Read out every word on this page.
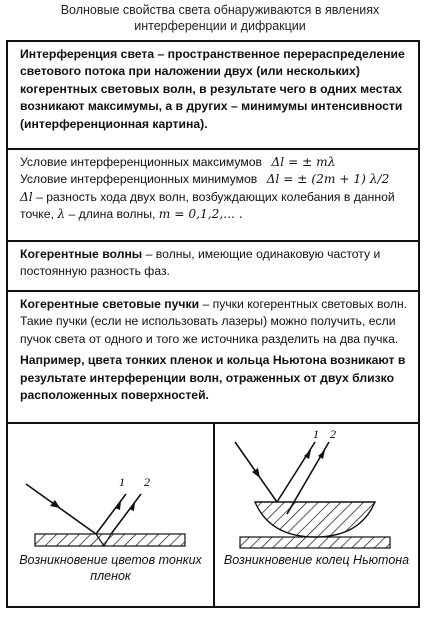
Волновые свойства света обнаруживаются в явлениях интерференции и дифракции
Интерференция света – пространственное перераспределение светового потока при наложении двух (или нескольких) когерентных световых волн, в результате чего в одних местах возникают максимумы, а в других – минимумы интенсивности (интерференционная картина).
Условие интерференционных максимумов Δl = ± mλ
Условие интерференционных минимумов Δl = ± (2m + 1) λ/2
Δl – разность хода двух волн, возбуждающих колебания в данной точке, λ – длина волны, m = 0,1,2,... .
Когерентные волны – волны, имеющие одинаковую частоту и постоянную разность фаз.

Когерентные световые пучки – пучки когерентных световых волн. Такие пучки (если не использовать лазеры) можно получить, если пучок света от одного и того же источника разделить на два пучка.

Например, цвета тонких пленок и кольца Ньютона возникают в результате интерференции волн, отраженных от двух близко расположенных поверхностей.

1 2
Возникновение цветов тонких пленок
1 2
Возникновение колец Ньютона
